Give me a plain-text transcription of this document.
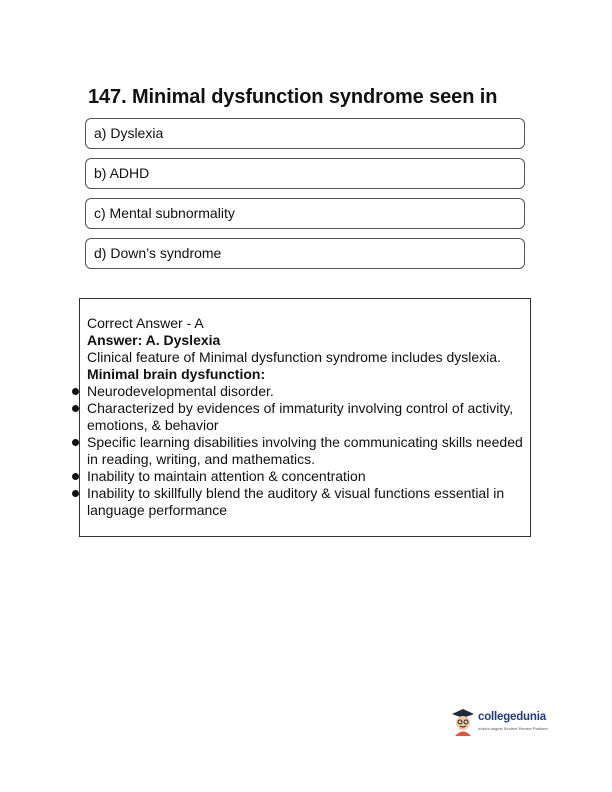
147. Minimal dysfunction syndrome seen in
a) Dyslexia
b) ADHD
c) Mental subnormality
d) Down’s syndrome
Correct Answer - A
Answer: A. Dyslexia
Clinical feature of Minimal dysfunction syndrome includes dyslexia.
Minimal brain dysfunction:
Neurodevelopmental disorder.
Characterized by evidences of immaturity involving control of activity, emotions, & behavior
Specific learning disabilities involving the communicating skills needed in reading, writing, and mathematics.
Inability to maintain attention & concentration
Inability to skillfully blend the auditory & visual functions essential in language performance
collegedunia
India's largest Student Review Platform
